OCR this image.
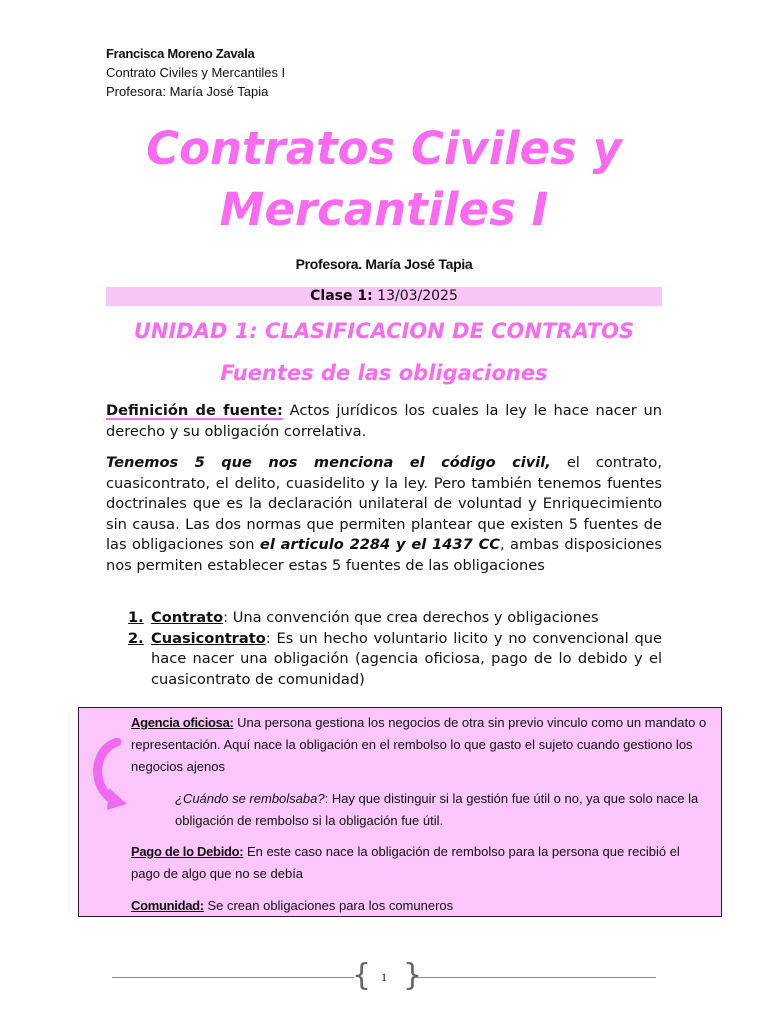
Francisca Moreno Zavala
Contrato Civiles y Mercantiles I
Profesora: María José Tapia
Contratos Civiles y
Mercantiles I
Profesora. María José Tapia
Clase 1: 13/03/2025
UNIDAD 1: CLASIFICACION DE CONTRATOS
Fuentes de las obligaciones
Definición de fuente: Actos jurídicos los cuales la ley le hace nacer un derecho y su obligación correlativa.
Tenemos 5 que nos menciona el código civil, el contrato, cuasicontrato, el delito, cuasidelito y la ley. Pero también tenemos fuentes doctrinales que es la declaración unilateral de voluntad y Enriquecimiento sin causa. Las dos normas que permiten plantear que existen 5 fuentes de las obligaciones son el articulo 2284 y el 1437 CC, ambas disposiciones nos permiten establecer estas 5 fuentes de las obligaciones
1. Contrato: Una convención que crea derechos y obligaciones
2. Cuasicontrato: Es un hecho voluntario licito y no convencional que hace nacer una obligación (agencia oficiosa, pago de lo debido y el cuasicontrato de comunidad)
Agencia oficiosa: Una persona gestiona los negocios de otra sin previo vinculo como un mandato o representación. Aquí nace la obligación en el rembolso lo que gasto el sujeto cuando gestiono los negocios ajenos
¿Cuándo se rembolsaba?: Hay que distinguir si la gestión fue útil o no, ya que solo nace la obligación de rembolso si la obligación fue útil.
Pago de lo Debido: En este caso nace la obligación de rembolso para la persona que recibió el pago de algo que no se debía
Comunidad: Se crean obligaciones para los comuneros
{ }
1
